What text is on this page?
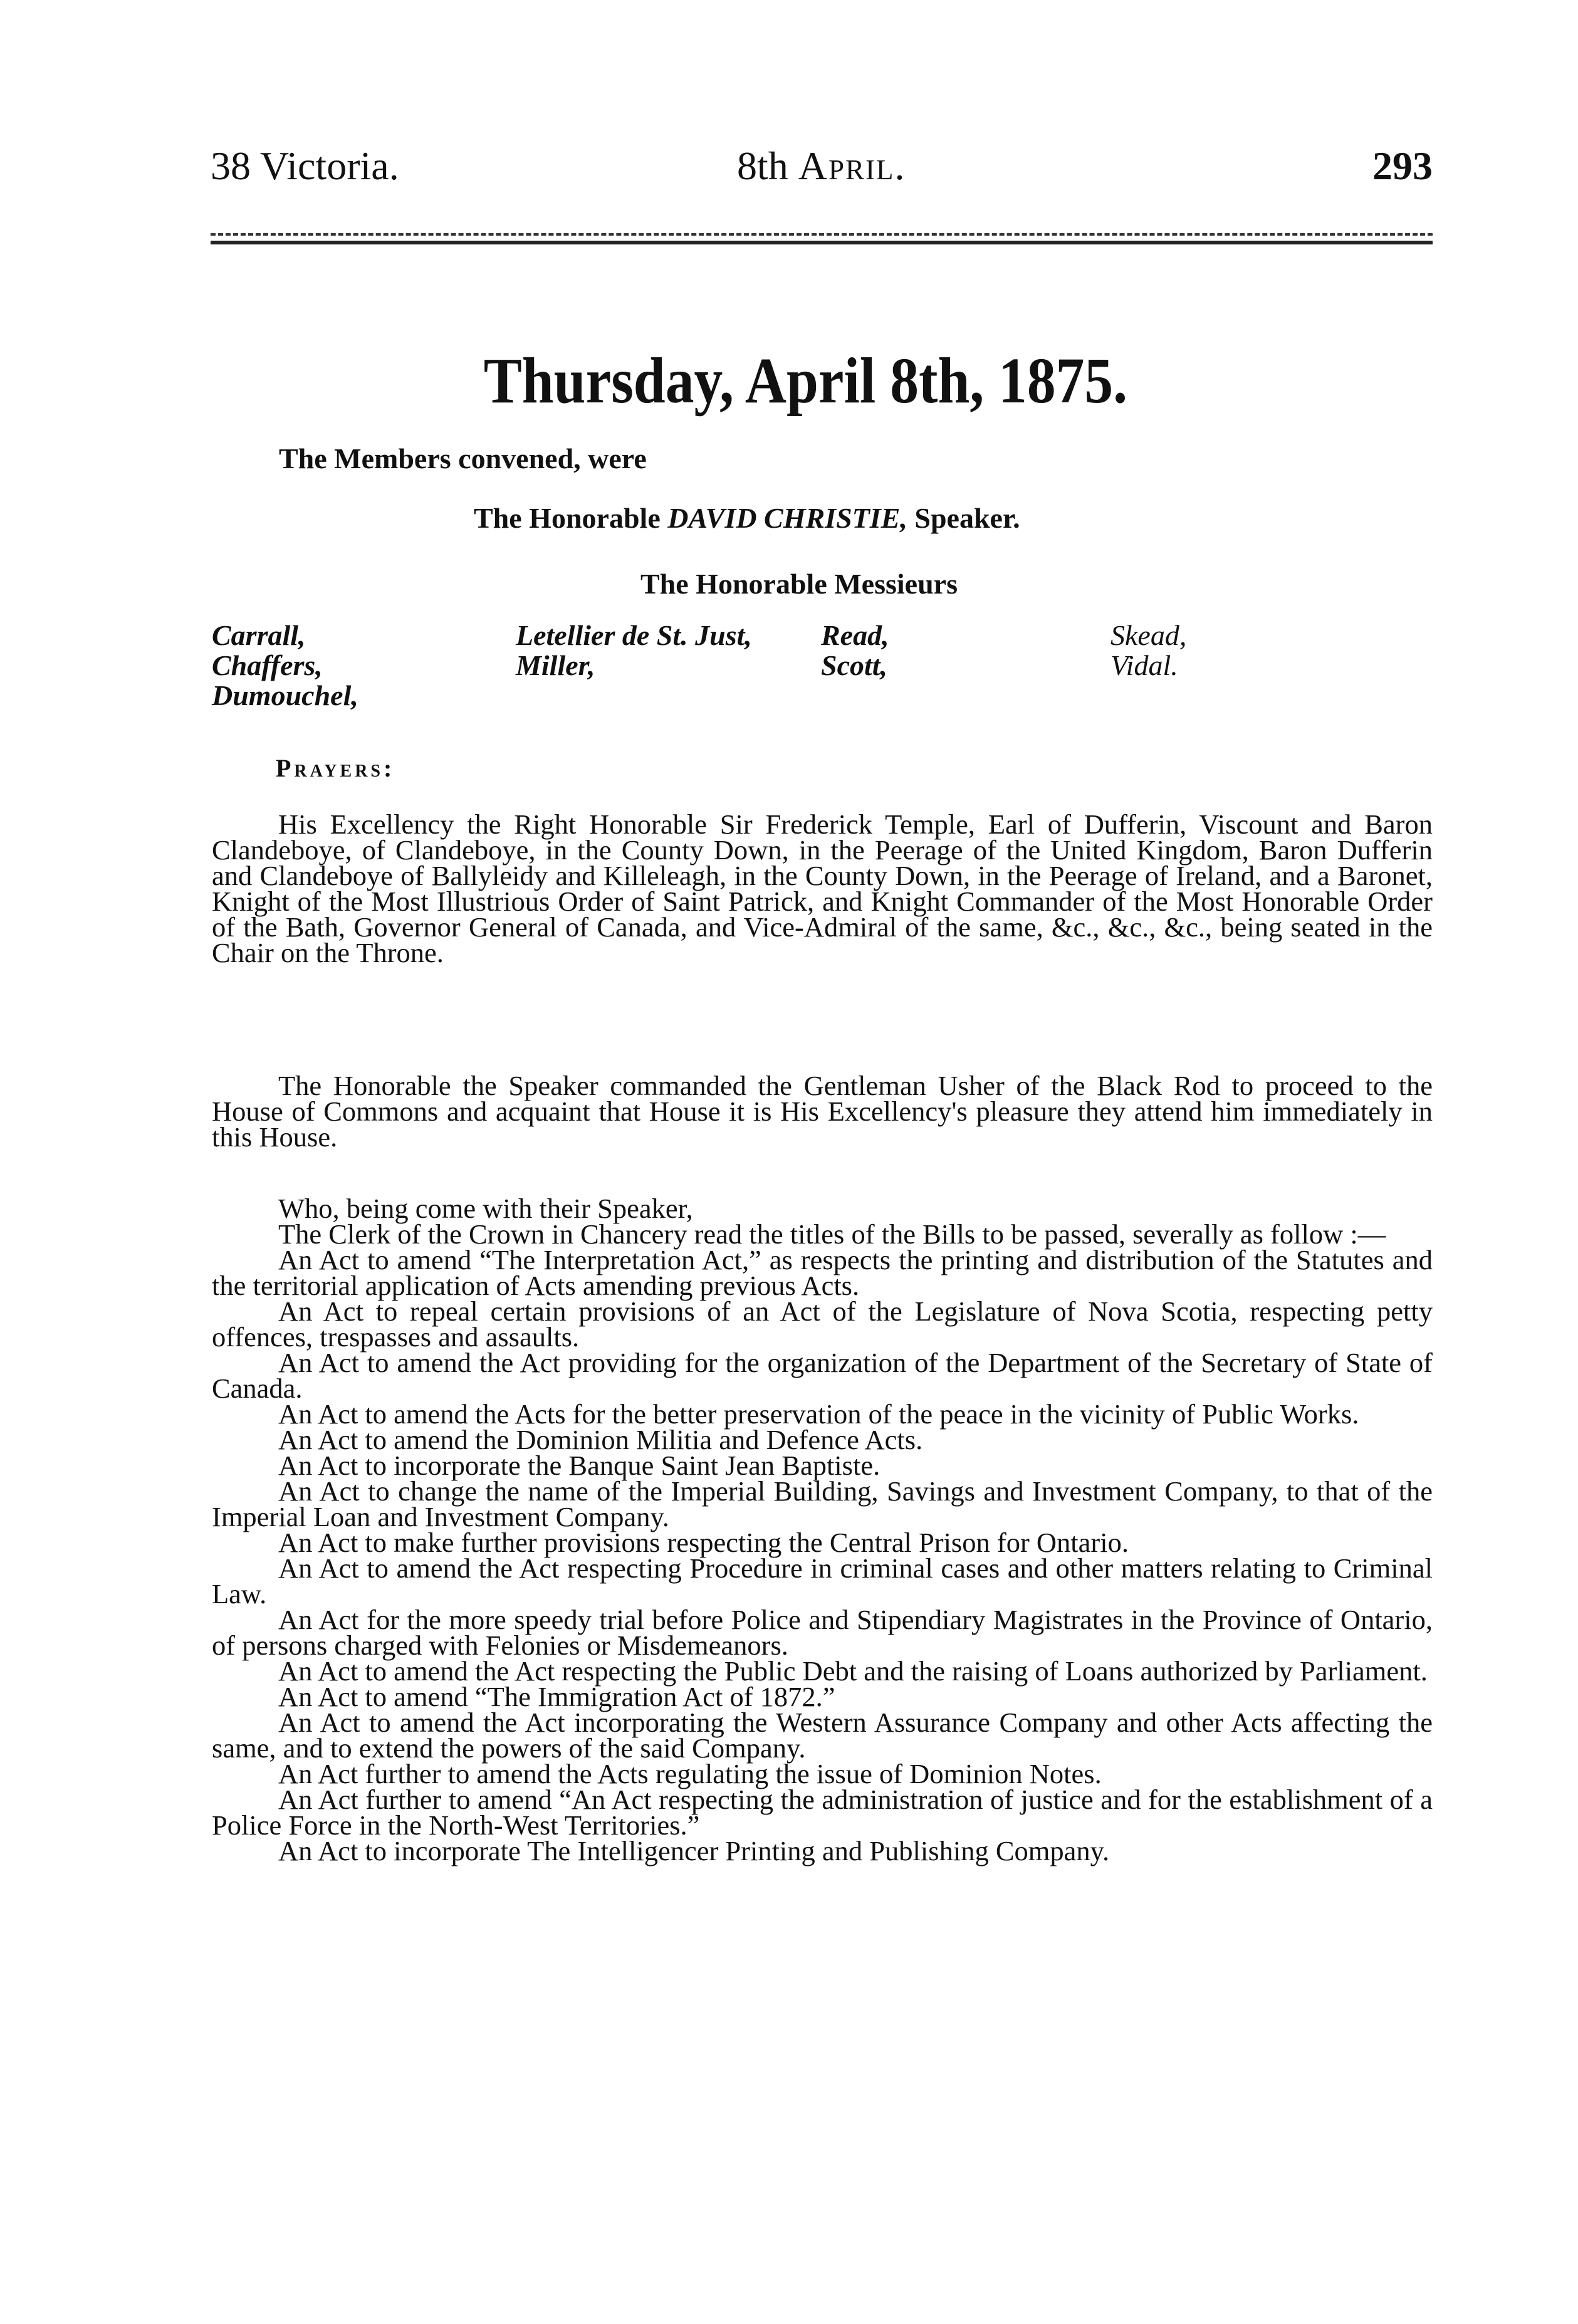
38 Victoria.	8th April.	293
Thursday, April 8th, 1875.
The Members convened, were
The Honorable DAVID CHRISTIE, Speaker.
The Honorable Messieurs
Carrall,
Chaffers,
Dumouchel,
Letellier de St. Just,
Miller,
Read,
Scott,
Skead,
Vidal.
Prayers:

His Excellency the Right Honorable Sir Frederick Temple, Earl of Dufferin, Viscount and Baron Clandeboye, of Clandeboye, in the County Down, in the Peerage of the United Kingdom, Baron Dufferin and Clandeboye of Ballyleidy and Killeleagh, in the County Down, in the Peerage of Ireland, and a Baronet, Knight of the Most Illustrious Order of Saint Patrick, and Knight Commander of the Most Honorable Order of the Bath, Governor General of Canada, and Vice-Admiral of the same, &c., &c., &c., being seated in the Chair on the Throne.

The Honorable the Speaker commanded the Gentleman Usher of the Black Rod to proceed to the House of Commons and acquaint that House it is His Excellency's pleasure they attend him immediately in this House.

Who, being come with their Speaker,

The Clerk of the Crown in Chancery read the titles of the Bills to be passed, severally as follow :—

An Act to amend “The Interpretation Act,” as respects the printing and distribution of the Statutes and the territorial application of Acts amending previous Acts.

An Act to repeal certain provisions of an Act of the Legislature of Nova Scotia, respecting petty offences, trespasses and assaults.

An Act to amend the Act providing for the organization of the Department of the Secretary of State of Canada.

An Act to amend the Acts for the better preservation of the peace in the vicinity of Public Works.

An Act to amend the Dominion Militia and Defence Acts.

An Act to incorporate the Banque Saint Jean Baptiste.

An Act to change the name of the Imperial Building, Savings and Investment Company, to that of the Imperial Loan and Investment Company.

An Act to make further provisions respecting the Central Prison for Ontario.

An Act to amend the Act respecting Procedure in criminal cases and other matters relating to Criminal Law.

An Act for the more speedy trial before Police and Stipendiary Magistrates in the Province of Ontario, of persons charged with Felonies or Misdemeanors.

An Act to amend the Act respecting the Public Debt and the raising of Loans authorized by Parliament.

An Act to amend “The Immigration Act of 1872.”

An Act to amend the Act incorporating the Western Assurance Company and other Acts affecting the same, and to extend the powers of the said Company.

An Act further to amend the Acts regulating the issue of Dominion Notes.

An Act further to amend “An Act respecting the administration of justice and for the establishment of a Police Force in the North-West Territories.”

An Act to incorporate The Intelligencer Printing and Publishing Company.
